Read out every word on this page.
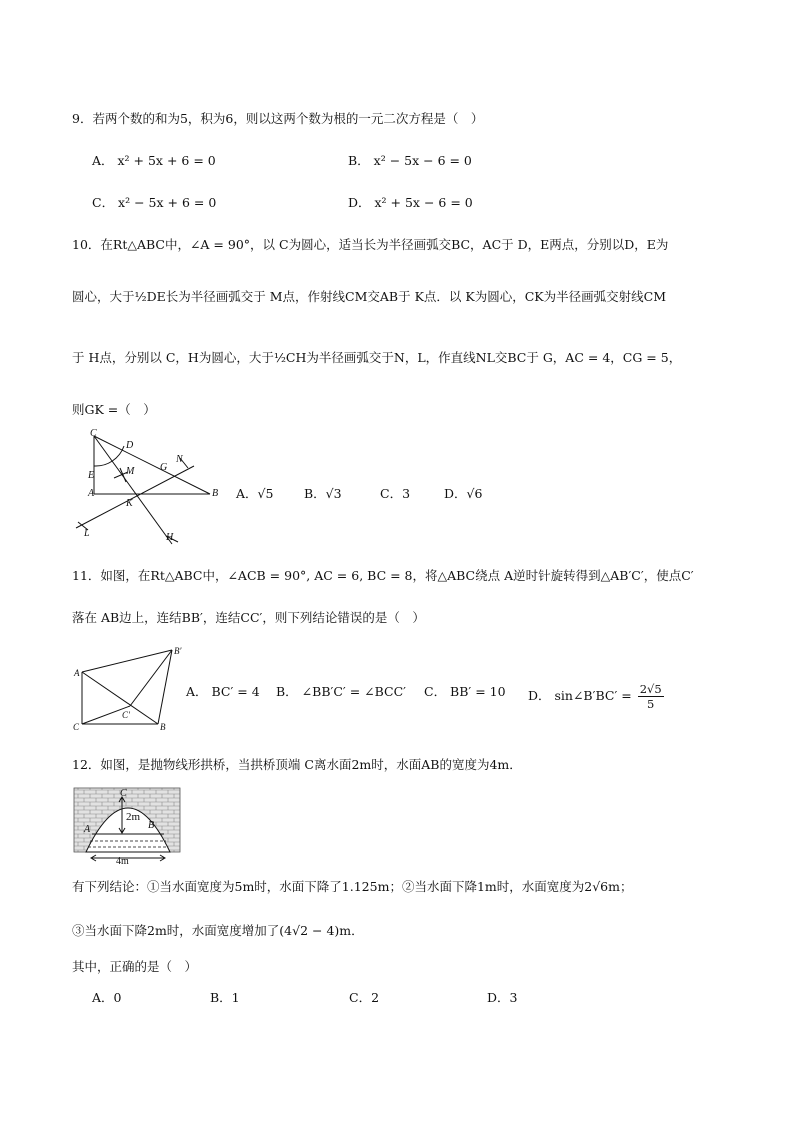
9．若两个数的和为5，积为6，则以这两个数为根的一元二次方程是（　）
A． x² + 5x + 6 = 0	B． x² − 5x − 6 = 0
C． x² − 5x + 6 = 0	D． x² + 5x − 6 = 0
10．在Rt△ABC中，∠A = 90°，以 C为圆心，适当长为半径画弧交BC，AC于 D，E两点，分别以D，E为
圆心，大于½DE长为半径画弧交于 M点，作射线CM交AB于 K点．以 K为圆心，CK为半径画弧交射线CM
于 H点，分别以 C，H为圆心，大于½CH为半径画弧交于N，L，作直线NL交BC于 G，AC = 4，CG = 5，
则GK =（　）
C
D
E	M	G
N
A
K
B
L	H
A．√5 B．√3	C．3	D．√6
11．如图，在Rt△ABC中，∠ACB = 90°, AC = 6, BC = 8，将△ABC绕点 A逆时针旋转得到△AB′C′，使点C′
落在 AB边上，连结BB′，连结CC′，则下列结论错误的是（　）
A
C	B
B′
C′
A． BC′ = 4 B． ∠BB′C′ = ∠BCC′ C． BB′ = 10 D． sin∠B′BC′ = $\frac{2√5}{5}$
12．如图，是抛物线形拱桥，当拱桥顶端 C离水面2m时，水面AB的宽度为4m．
C
2m
A	B
4m
有下列结论：①当水面宽度为5m时，水面下降了1.125m；②当水面下降1m时，水面宽度为2√6m；
③当水面下降2m时，水面宽度增加了(4√2 − 4)m．
其中，正确的是（　）
A．0	B．1	C．2	D．3
